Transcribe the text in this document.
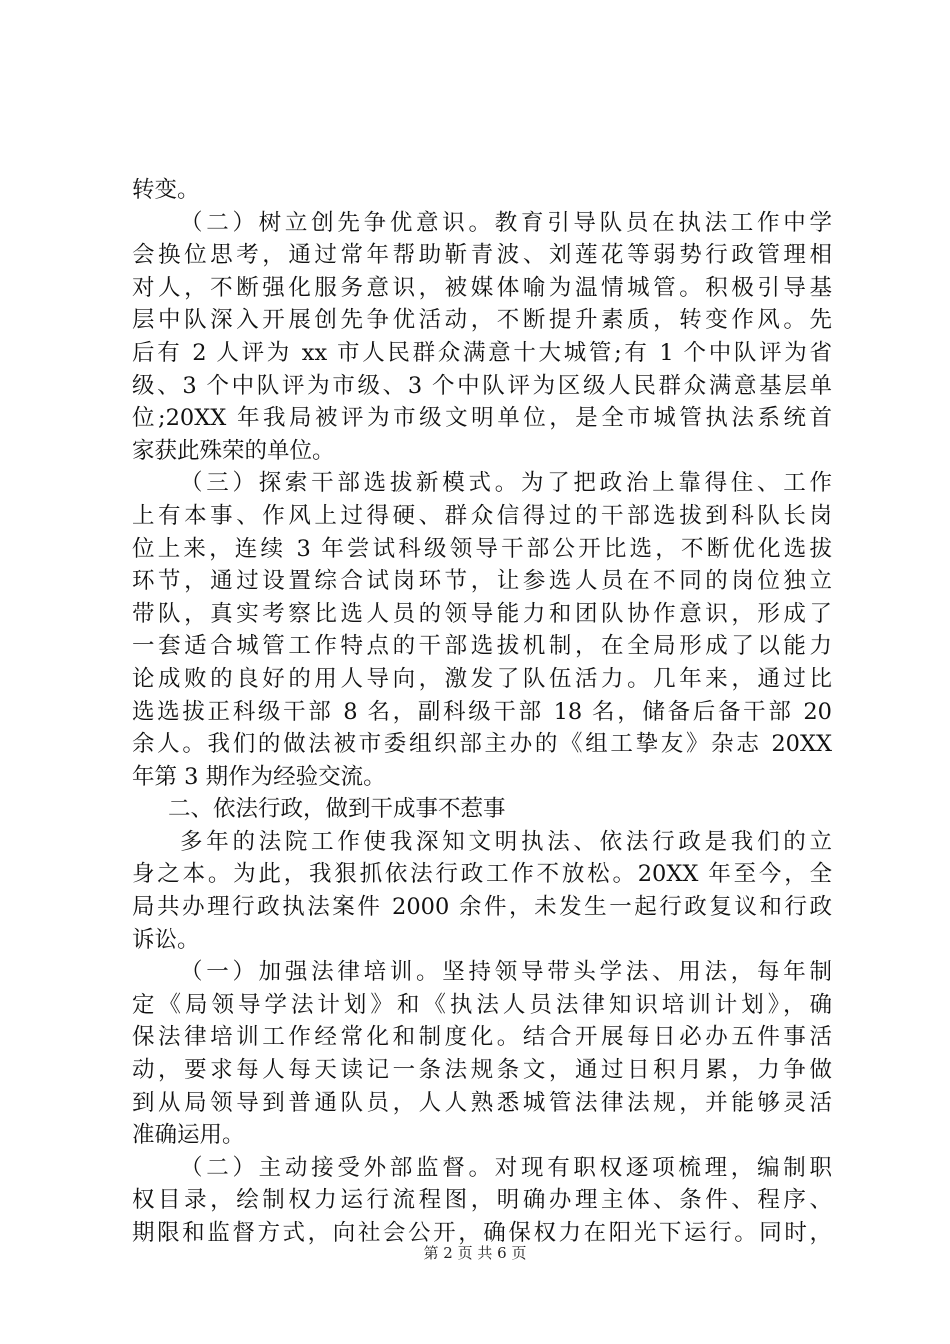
转变。
（二）树立创先争优意识。教育引导队员在执法工作中学
会换位思考，通过常年帮助靳青波、刘莲花等弱势行政管理相
对人，不断强化服务意识，被媒体喻为温情城管。积极引导基
层中队深入开展创先争优活动，不断提升素质，转变作风。先
后有 2 人评为 xx 市人民群众满意十大城管;有 1 个中队评为省
级、3 个中队评为市级、3 个中队评为区级人民群众满意基层单
位;20XX 年我局被评为市级文明单位，是全市城管执法系统首
家获此殊荣的单位。
（三）探索干部选拔新模式。为了把政治上靠得住、工作
上有本事、作风上过得硬、群众信得过的干部选拔到科队长岗
位上来，连续 3 年尝试科级领导干部公开比选，不断优化选拔
环节，通过设置综合试岗环节，让参选人员在不同的岗位独立
带队，真实考察比选人员的领导能力和团队协作意识，形成了
一套适合城管工作特点的干部选拔机制，在全局形成了以能力
论成败的良好的用人导向，激发了队伍活力。几年来，通过比
选选拔正科级干部 8 名，副科级干部 18 名，储备后备干部 20
余人。我们的做法被市委组织部主办的《组工挚友》杂志 20XX
年第 3 期作为经验交流。
二、依法行政，做到干成事不惹事
多年的法院工作使我深知文明执法、依法行政是我们的立
身之本。为此，我狠抓依法行政工作不放松。20XX 年至今，全
局共办理行政执法案件 2000 余件，未发生一起行政复议和行政
诉讼。
（一）加强法律培训。坚持领导带头学法、用法，每年制
定《局领导学法计划》和《执法人员法律知识培训计划》，确
保法律培训工作经常化和制度化。结合开展每日必办五件事活
动，要求每人每天读记一条法规条文，通过日积月累，力争做
到从局领导到普通队员，人人熟悉城管法律法规，并能够灵活
准确运用。
（二）主动接受外部监督。对现有职权逐项梳理，编制职
权目录，绘制权力运行流程图，明确办理主体、条件、程序、
期限和监督方式，向社会公开，确保权力在阳光下运行。同时，
第 2 页 共 6 页
